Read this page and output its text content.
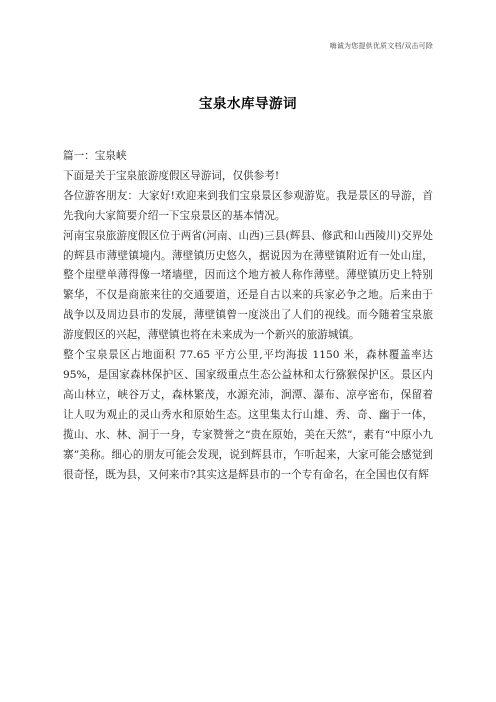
嗨诚为您提供优质文档/双击可除
宝泉水库导游词

篇一：宝泉峡

下面是关于宝泉旅游度假区导游词，仅供参考!

各位游客朋友：大家好!欢迎来到我们宝泉景区参观游览。我是景区的导游，首先我向大家简要介绍一下宝泉景区的基本情况。

河南宝泉旅游度假区位于两省(河南、山西)三县(辉县、修武和山西陵川)交界处的辉县市薄壁镇境内。薄壁镇历史悠久，据说因为在薄壁镇附近有一处山崖，整个崖壁单薄得像一堵墙壁，因而这个地方被人称作薄壁。薄壁镇历史上特别繁华，不仅是商旅来往的交通要道，还是自古以来的兵家必争之地。后来由于战争以及周边县市的发展，薄壁镇曾一度淡出了人们的视线。而今随着宝泉旅游度假区的兴起，薄壁镇也将在未来成为一个新兴的旅游城镇。

整个宝泉景区占地面积 77.65 平方公里,平均海拔 1150 米，森林覆盖率达 95%，是国家森林保护区、国家级重点生态公益林和太行猕猴保护区。景区内高山林立，峡谷万丈，森林繁茂，水源充沛，涧潭、瀑布、凉亭密布，保留着让人叹为观止的灵山秀水和原始生态。这里集太行山雄、秀、奇、幽于一体，揽山、水、林、洞于一身，专家赞誉之“贵在原始，美在天然”，素有“中原小九寨”美称。细心的朋友可能会发现，说到辉县市，乍听起来，大家可能会感觉到很奇怪，既为县，又何来市?其实这是辉县市的一个专有命名，在全国也仅有辉
